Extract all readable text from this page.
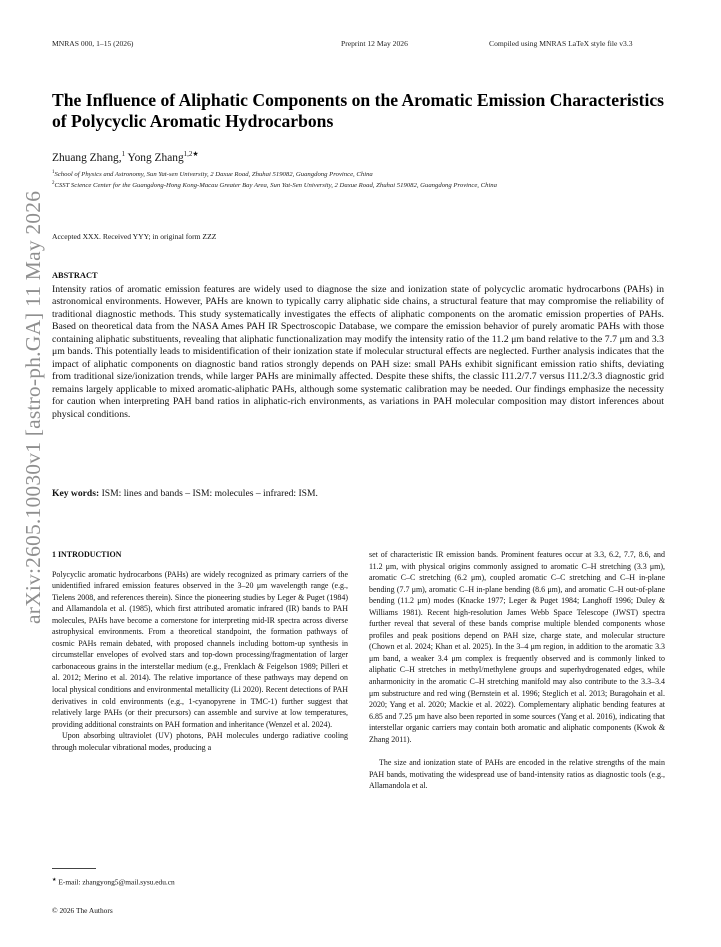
MNRAS 000, 1–15 (2026)	Preprint 12 May 2026	Compiled using MNRAS LaTeX style file v3.3
The Influence of Aliphatic Components on the Aromatic Emission Characteristics of Polycyclic Aromatic Hydrocarbons
Zhuang Zhang,$^1$ Yong Zhang$^{1,2★}$
$^1$School of Physics and Astronomy, Sun Yat-sen University, 2 Daxue Road, Zhuhai 519082, Guangdong Province, China
$^2$CSST Science Center for the Guangdong-Hong Kong-Macau Greater Bay Area, Sun Yat-Sen University, 2 Daxue Road, Zhuhai 519082, Guangdong Province, China
Accepted XXX. Received YYY; in original form ZZZ
ABSTRACT

Intensity ratios of aromatic emission features are widely used to diagnose the size and ionization state of polycyclic aromatic hydrocarbons (PAHs) in astronomical environments. However, PAHs are known to typically carry aliphatic side chains, a structural feature that may compromise the reliability of traditional diagnostic methods. This study systematically investigates the effects of aliphatic components on the aromatic emission properties of PAHs. Based on theoretical data from the NASA Ames PAH IR Spectroscopic Database, we compare the emission behavior of purely aromatic PAHs with those containing aliphatic substituents, revealing that aliphatic functionalization may modify the intensity ratio of the 11.2 μm band relative to the 7.7 μm and 3.3 μm bands. This potentially leads to misidentification of their ionization state if molecular structural effects are neglected. Further analysis indicates that the impact of aliphatic components on diagnostic band ratios strongly depends on PAH size: small PAHs exhibit significant emission ratio shifts, deviating from traditional size/ionization trends, while larger PAHs are minimally affected. Despite these shifts, the classic I11.2/7.7 versus I11.2/3.3 diagnostic grid remains largely applicable to mixed aromatic-aliphatic PAHs, although some systematic calibration may be needed. Our findings emphasize the necessity for caution when interpreting PAH band ratios in aliphatic-rich environments, as variations in PAH molecular composition may distort inferences about physical conditions.

Key words: ISM: lines and bands – ISM: molecules – infrared: ISM.
arXiv:2605.10030v1 [astro-ph.GA] 11 May 2026 1 INTRODUCTION

Polycyclic aromatic hydrocarbons (PAHs) are widely recognized as primary carriers of the unidentified infrared emission features observed in the 3–20 μm wavelength range (e.g., Tielens 2008, and references therein). Since the pioneering studies by Leger & Puget (1984) and Allamandola et al. (1985), which first attributed aromatic infrared (IR) bands to PAH molecules, PAHs have become a cornerstone for interpreting mid-IR spectra across diverse astrophysical environments. From a theoretical standpoint, the formation pathways of cosmic PAHs remain debated, with proposed channels including bottom-up synthesis in circumstellar envelopes of evolved stars and top-down processing/fragmentation of larger carbonaceous grains in the interstellar medium (e.g., Frenklach & Feigelson 1989; Pilleri et al. 2012; Merino et al. 2014). The relative importance of these pathways may depend on local physical conditions and environmental metallicity (Li 2020). Recent detections of PAH derivatives in cold environments (e.g., 1-cyanopyrene in TMC-1) further suggest that relatively large PAHs (or their precursors) can assemble and survive at low temperatures, providing additional constraints on PAH formation and inheritance (Wenzel et al. 2024).

Upon absorbing ultraviolet (UV) photons, PAH molecules undergo radiative cooling through molecular vibrational modes, producing a

set of characteristic IR emission bands. Prominent features occur at 3.3, 6.2, 7.7, 8.6, and 11.2 μm, with physical origins commonly assigned to aromatic C–H stretching (3.3 μm), aromatic C–C stretching (6.2 μm), coupled aromatic C–C stretching and C–H in-plane bending (7.7 μm), aromatic C–H in-plane bending (8.6 μm), and aromatic C–H out-of-plane bending (11.2 μm) modes (Knacke 1977; Leger & Puget 1984; Langhoff 1996; Duley & Williams 1981). Recent high-resolution James Webb Space Telescope (JWST) spectra further reveal that several of these bands comprise multiple blended components whose profiles and peak positions depend on PAH size, charge state, and molecular structure (Chown et al. 2024; Khan et al. 2025). In the 3–4 μm region, in addition to the aromatic 3.3 μm band, a weaker 3.4 μm complex is frequently observed and is commonly linked to aliphatic C–H stretches in methyl/methylene groups and superhydrogenated edges, while anharmonicity in the aromatic C–H stretching manifold may also contribute to the 3.3–3.4 μm substructure and red wing (Bernstein et al. 1996; Steglich et al. 2013; Buragohain et al. 2020; Yang et al. 2020; Mackie et al. 2022). Complementary aliphatic bending features at 6.85 and 7.25 μm have also been reported in some sources (Yang et al. 2016), indicating that interstellar organic carriers may contain both aromatic and aliphatic components (Kwok & Zhang 2011).

The size and ionization state of PAHs are encoded in the relative strengths of the main PAH bands, motivating the widespread use of band-intensity ratios as diagnostic tools (e.g., Allamandola et al.

★ E-mail: zhangyong5@mail.sysu.edu.cn
© 2026 The Authors
